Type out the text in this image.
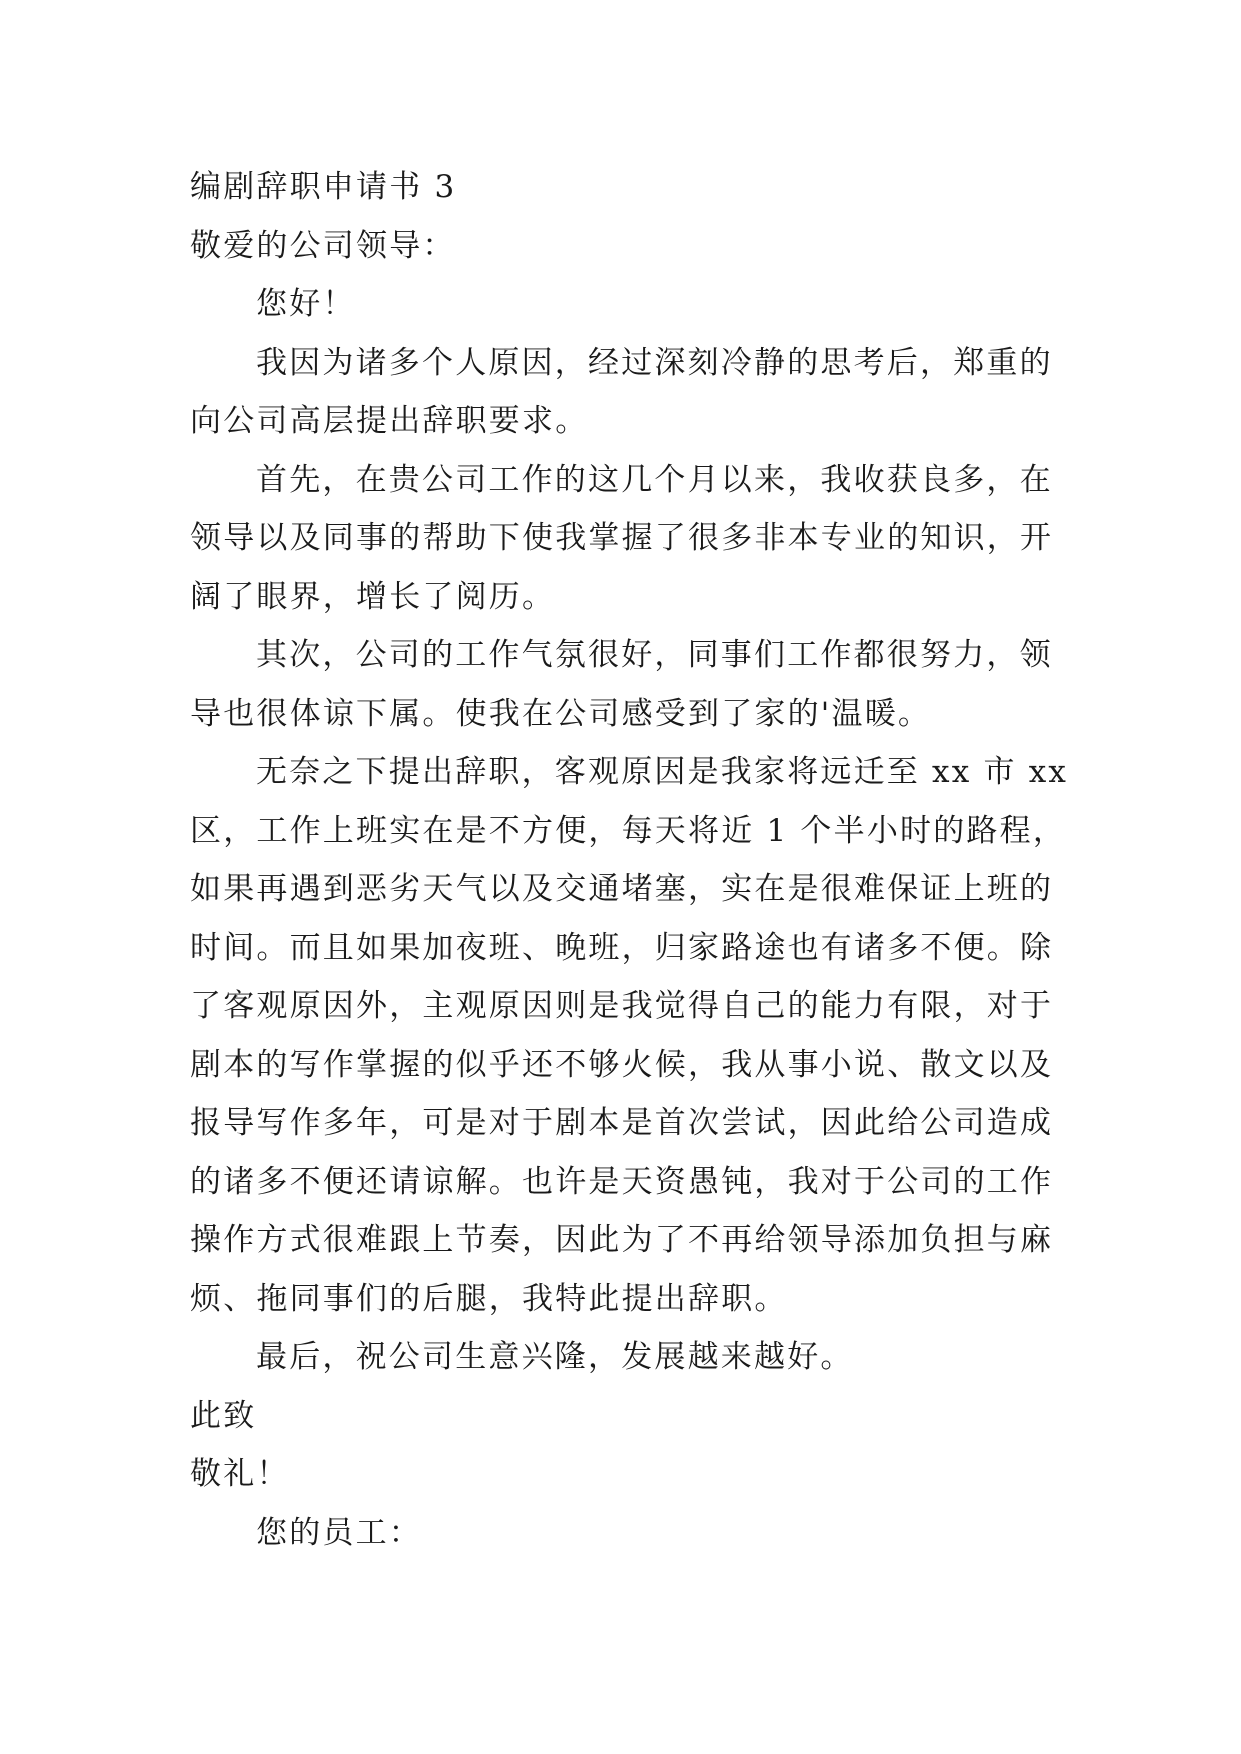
编剧辞职申请书 3
敬爱的公司领导：
您好！
我因为诸多个人原因，经过深刻冷静的思考后，郑重的
向公司高层提出辞职要求。
首先，在贵公司工作的这几个月以来，我收获良多，在
领导以及同事的帮助下使我掌握了很多非本专业的知识，开
阔了眼界，增长了阅历。
其次，公司的工作气氛很好，同事们工作都很努力，领
导也很体谅下属。使我在公司感受到了家的'温暖。
无奈之下提出辞职，客观原因是我家将远迁至 xx 市 xx
区，工作上班实在是不方便，每天将近 1 个半小时的路程，
如果再遇到恶劣天气以及交通堵塞，实在是很难保证上班的
时间。而且如果加夜班、晚班，归家路途也有诸多不便。除
了客观原因外，主观原因则是我觉得自己的能力有限，对于
剧本的写作掌握的似乎还不够火候，我从事小说、散文以及
报导写作多年，可是对于剧本是首次尝试，因此给公司造成
的诸多不便还请谅解。也许是天资愚钝，我对于公司的工作
操作方式很难跟上节奏，因此为了不再给领导添加负担与麻
烦、拖同事们的后腿，我特此提出辞职。
最后，祝公司生意兴隆，发展越来越好。
此致
敬礼！
您的员工：
